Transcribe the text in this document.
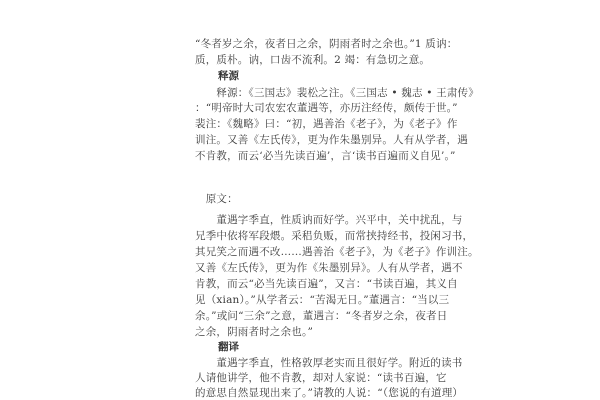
“冬者岁之余，夜者日之余，阴雨者时之余也。”1 质讷：
质，质朴。讷，口齿不流利。2 竭：有急切之意。
释源
　　释源：《三国志》裴松之注。《三国志 • 魏志 • 王肃传》
：“明帝时大司农宏农董遇等，亦历注经传，颇传于世。”
裴注：《魏略》曰：“初，遇善治《老子》，为《老子》作
训注。又善《左氏传》，更为作朱墨别异。人有从学者，遇
不肯教，而云‘必当先读百遍’，言‘读书百遍而义自见’。”
　原文：
　　董遇字季直，性质讷而好学。兴平中，关中扰乱，与
兄季中依将军段煨。采稆负贩，而常挟持经书，投闲习书，
其兄笑之而遇不改……遇善治《老子》，为《老子》作训注。
又善《左氏传》，更为作《朱墨别异》。人有从学者，遇不
肯教，而云“必当先读百遍”，又言：“书读百遍，其义自
见（xian）。”从学者云：“苦渴无日。”董遇言：“当以三
余。”或问“三余”之意，董遇言：“冬者岁之余，夜者日
之余，阴雨者时之余也。”
翻译
　　董遇字季直，性格敦厚老实而且很好学。附近的读书
人请他讲学，他不肯教，却对人家说：“读书百遍，它
的意思自然显现出来了。”请教的人说：“（您说的有道理）
